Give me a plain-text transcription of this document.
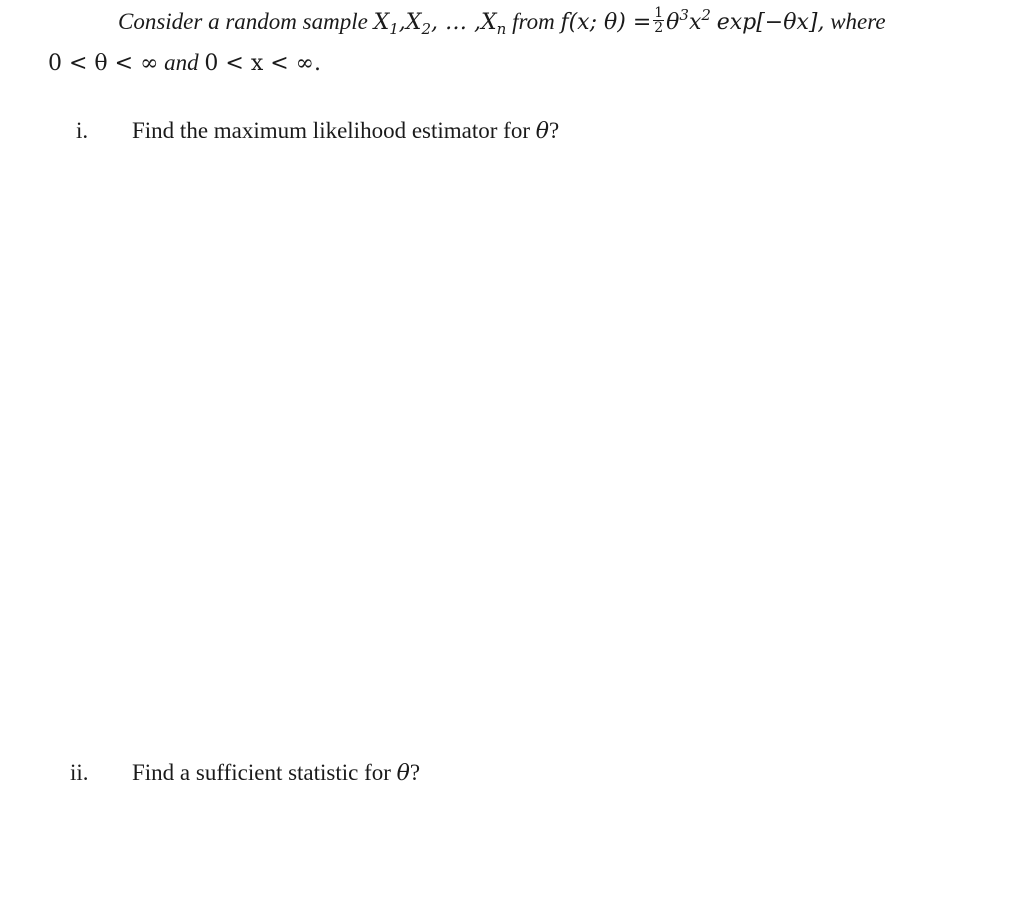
Consider a random sample $X_1,X_2$, … $,X_n$ from f(x; $\theta) = \frac{1}{2} \theta^3x^2$ exp[−θx], where
0 < θ < ∞ and 0 < x < ∞.
i. Find the maximum likelihood estimator for θ?
ii. Find a sufficient statistic for θ?
